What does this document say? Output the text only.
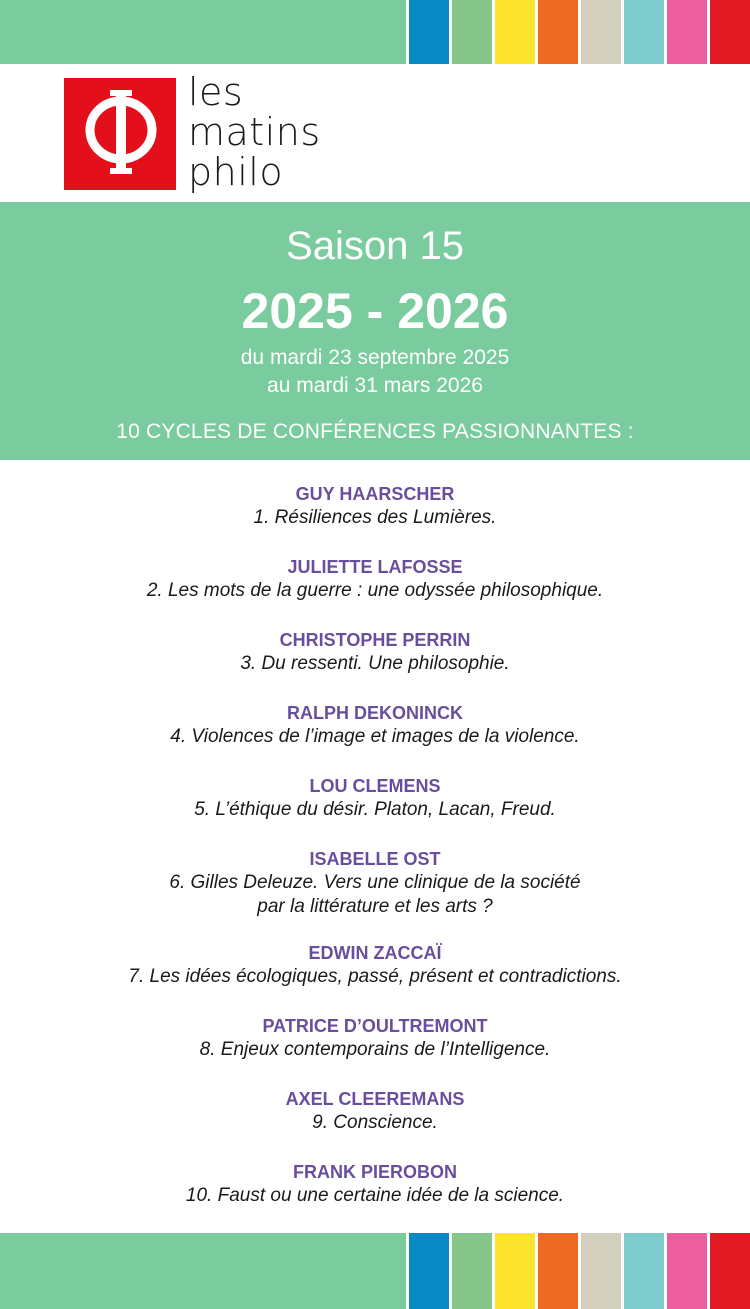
les
matins
philo
Saison 15
2025 - 2026
du mardi 23 septembre 2025
au mardi 31 mars 2026
10 CYCLES DE CONFÉRENCES PASSIONNANTES :
GUY HAARSCHER
1. Résiliences des Lumières.
JULIETTE LAFOSSE
2. Les mots de la guerre : une odyssée philosophique.
CHRISTOPHE PERRIN
3. Du ressenti. Une philosophie.
RALPH DEKONINCK
4. Violences de l’image et images de la violence.
LOU CLEMENS
5. L’éthique du désir. Platon, Lacan, Freud.
ISABELLE OST
6. Gilles Deleuze. Vers une clinique de la société
par la littérature et les arts ?
EDWIN ZACCAÏ
7. Les idées écologiques, passé, présent et contradictions.
PATRICE D’OULTREMONT
8. Enjeux contemporains de l’Intelligence.
AXEL CLEEREMANS
9. Conscience.
FRANK PIEROBON
10. Faust ou une certaine idée de la science.
